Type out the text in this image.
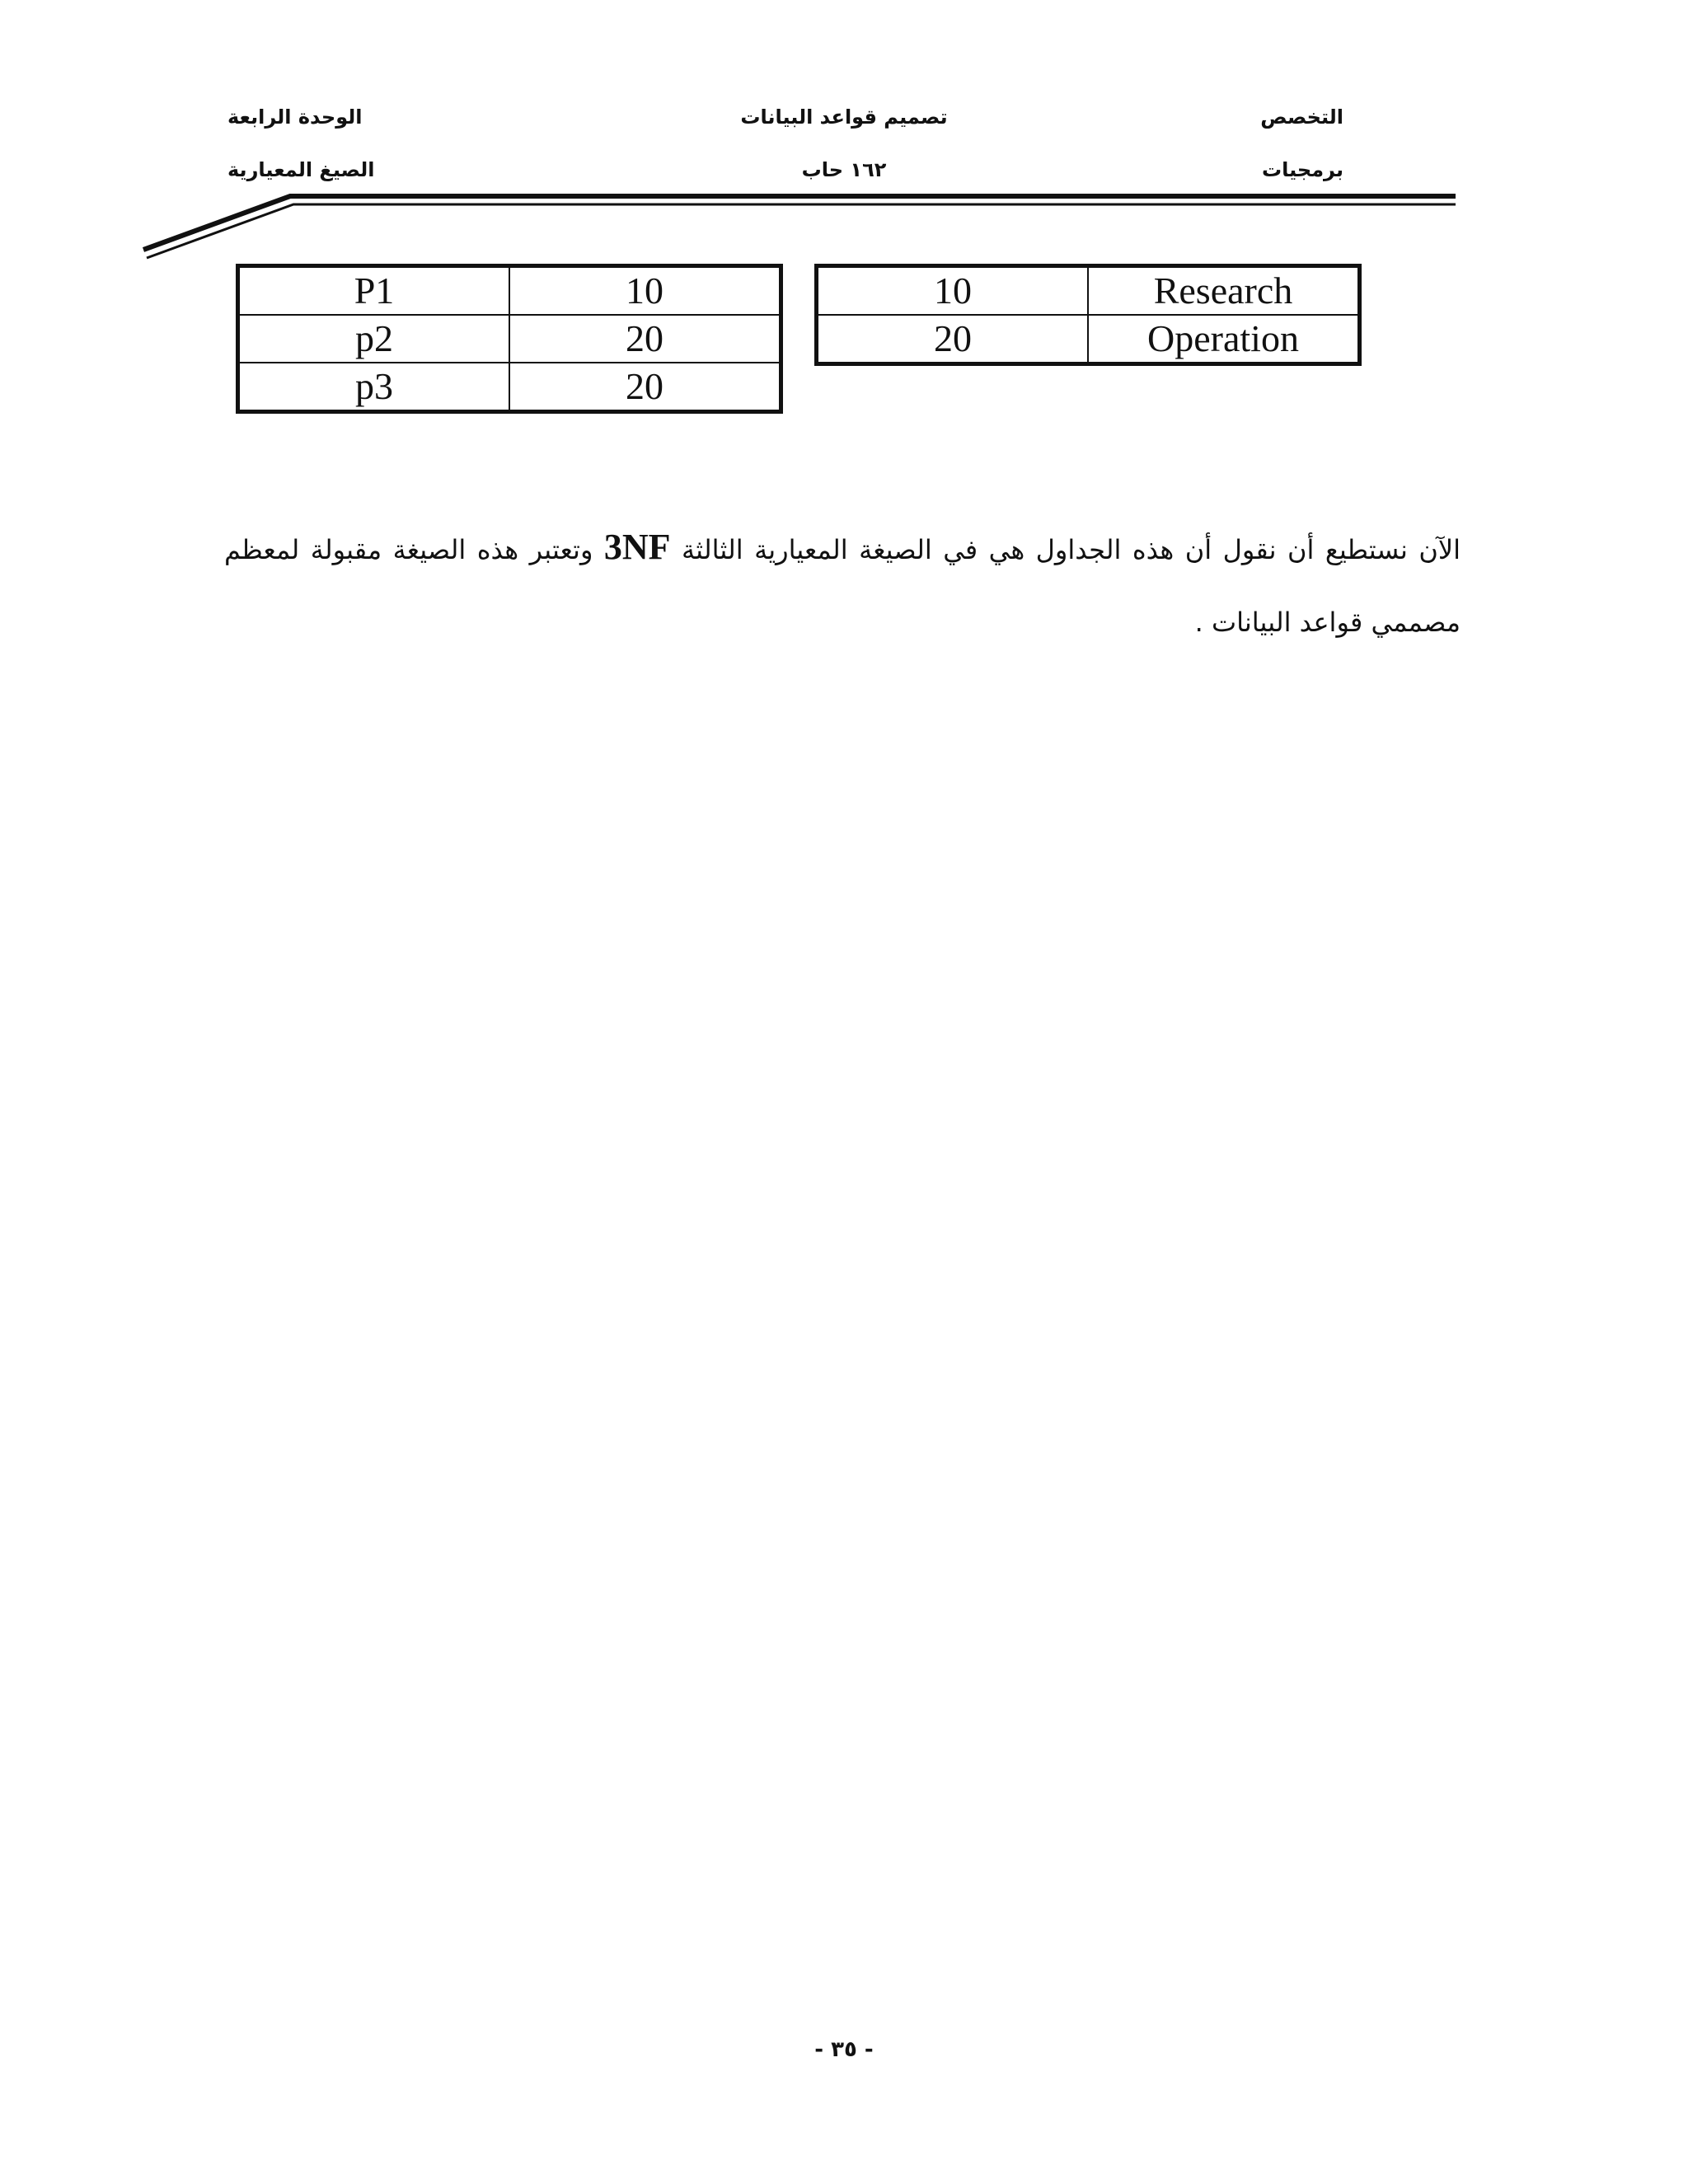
التخصص
برمجيات
تصميم قواعد البيانات
١٦٢ حاب
الوحدة الرابعة
الصيغ المعيارية
P1	10
p2	20
p3	20
10	Research
20	Operation
الآن نستطيع أن نقول أن هذه الجداول هي في الصيغة المعيارية الثالثة 3NF وتعتبر هذه الصيغة مقبولة لمعظم مصممي قواعد البيانات .
- ٣٥ -
